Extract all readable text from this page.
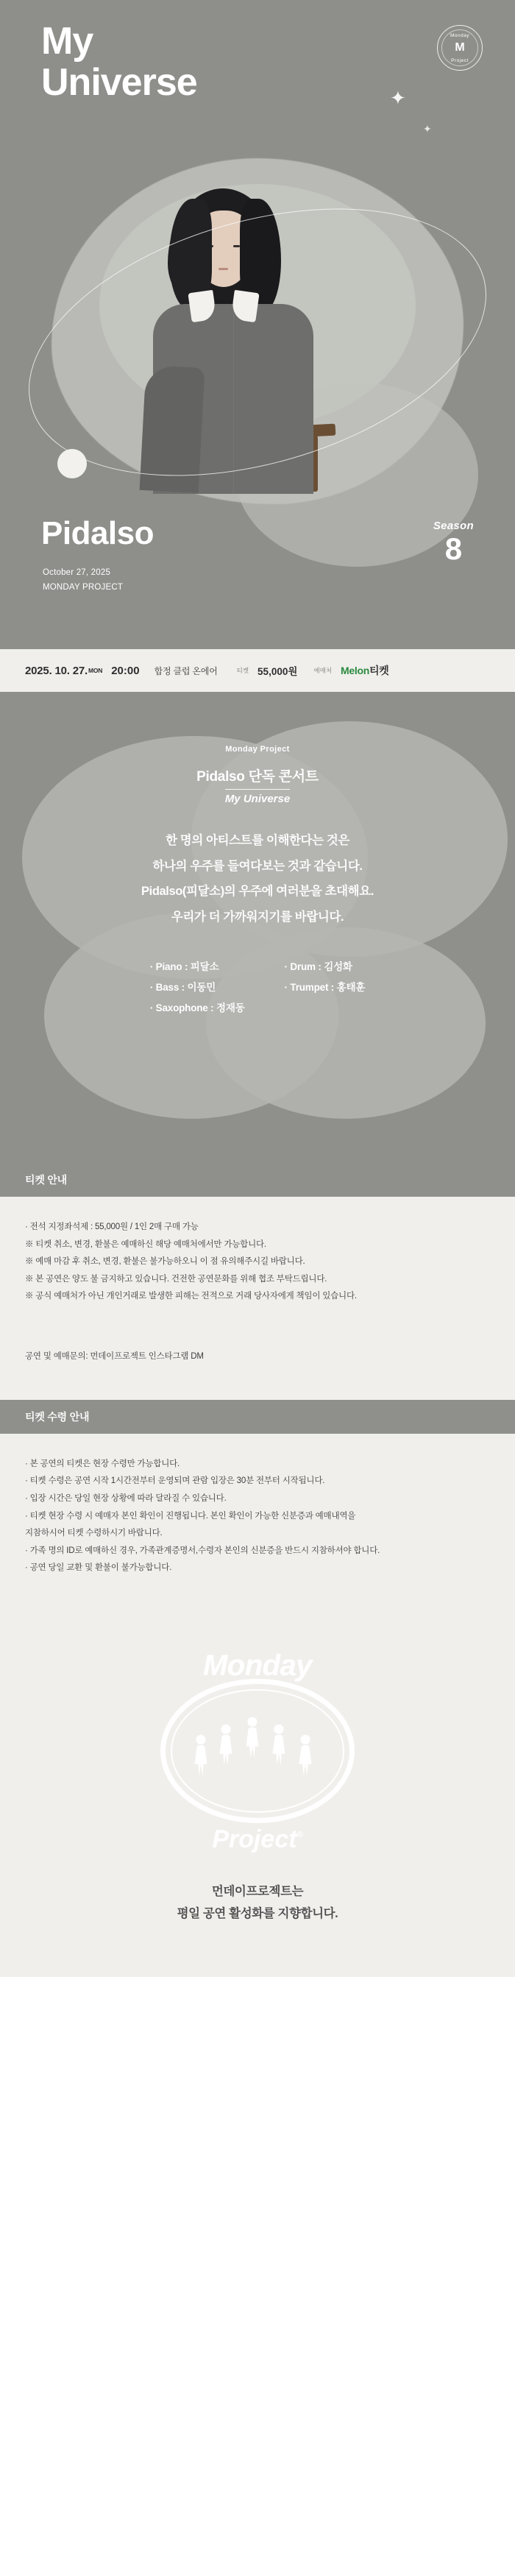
My
Universe
Monday
M
Project
✦
✦
Pidalso
October 27, 2025
MONDAY PROJECT
Season
8
2025. 10. 27.MON 20:00 합정 클럽 온에어	티켓 55,000원	예매처 Melon티켓
Monday Project
Pidalso 단독 콘서트
My Universe
한 명의 아티스트를 이해한다는 것은
하나의 우주를 들여다보는 것과 같습니다.
Pidalso(피달소)의 우주에 여러분을 초대해요.
우리가 더 가까워지기를 바랍니다.
· Piano : 피달소
· Bass : 이동민
· Saxophone : 정재동
· Drum : 김성화
· Trumpet : 홍태훈
티켓 안내
· 전석 지정좌석제 : 55,000원 / 1인 2매 구매 가능
※ 티켓 취소, 변경, 환불은 예매하신 해당 예매처에서만 가능합니다.
※ 예매 마감 후 취소, 변경, 환불은 불가능하오니 이 점 유의해주시길 바랍니다.
※ 본 공연은 양도 불 금지하고 있습니다. 건전한 공연문화를 위해 협조 부탁드립니다.
※ 공식 예매처가 아닌 개인거래로 발생한 피해는 전적으로 거래 당사자에게 책임이 있습니다.
공연 및 예매문의: 먼데이프로젝트 인스타그램 DM
티켓 수령 안내
· 본 공연의 티켓은 현장 수령만 가능합니다.
· 티켓 수령은 공연 시작 1시간전부터 운영되며 관람 입장은 30분 전부터 시작됩니다.
· 입장 시간은 당일 현장 상황에 따라 달라질 수 있습니다.
· 티켓 현장 수령 시 예매자 본인 확인이 진행됩니다. 본인 확인이 가능한 신분증과 예매내역을
지참하시어 티켓 수령하시기 바랍니다.
· 가족 명의 ID로 예매하신 경우, 가족관계증명서,수령자 본인의 신분증을 반드시 지참하셔야 합니다.
· 공연 당일 교환 및 환불이 불가능합니다.
Monday
Project®
먼데이프로젝트는
평일 공연 활성화를 지향합니다.
